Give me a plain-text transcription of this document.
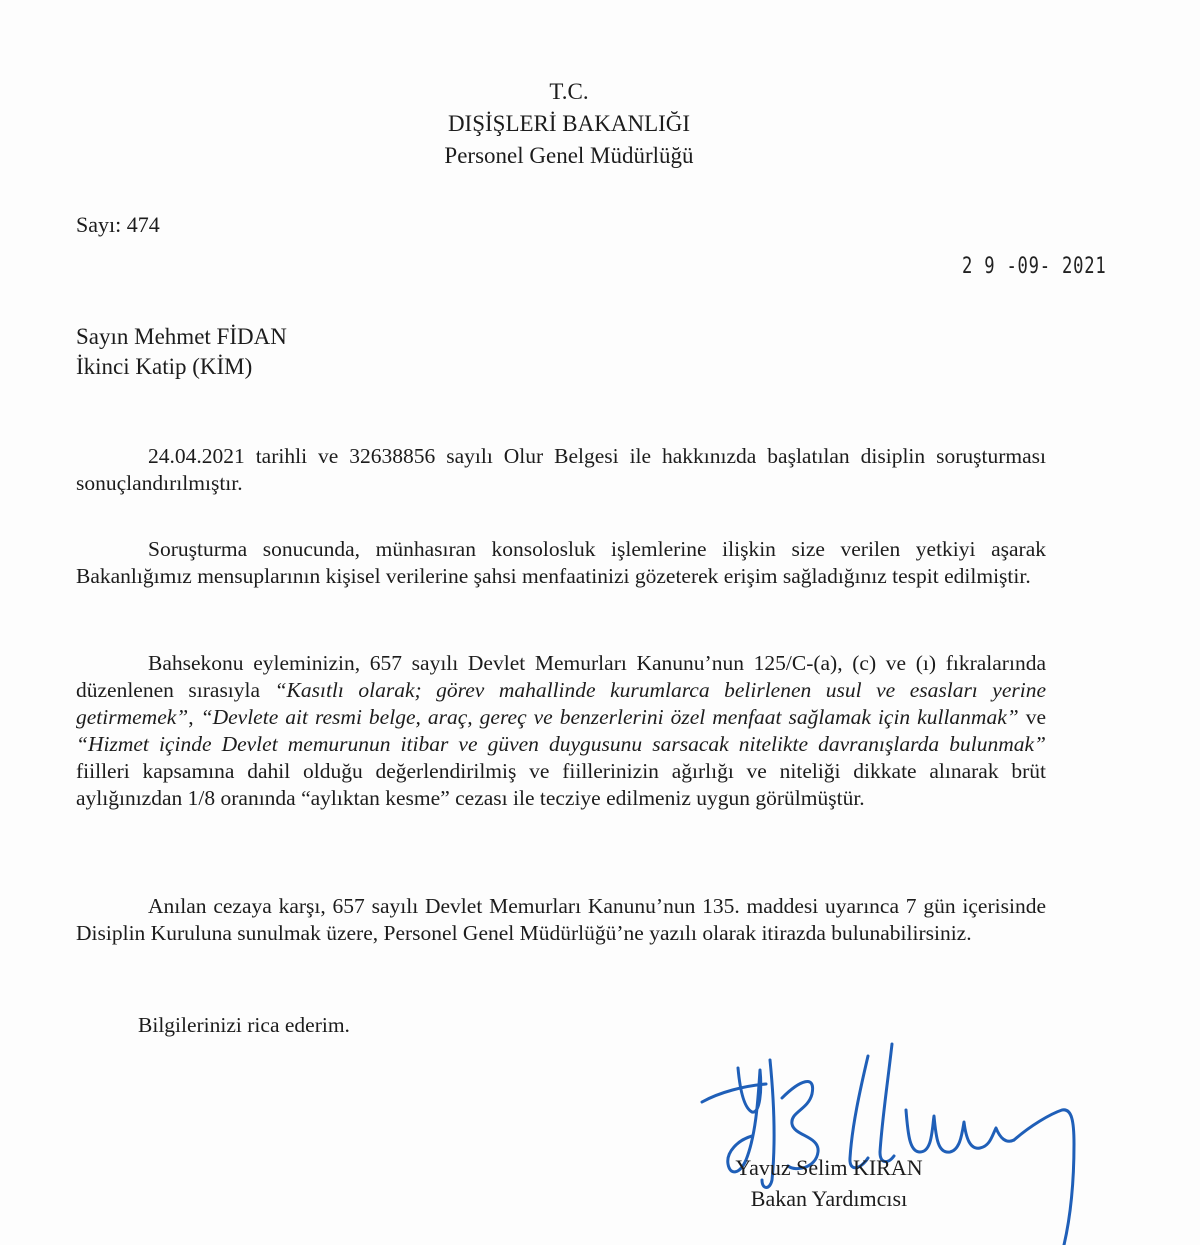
T.C.
DIŞİŞLERİ BAKANLIĞI
Personel Genel Müdürlüğü
Sayı: 474
2 9 -09- 2021
Sayın Mehmet FİDAN
İkinci Katip (KİM)

24.04.2021 tarihli ve 32638856 sayılı Olur Belgesi ile hakkınızda başlatılan disiplin soruşturması sonuçlandırılmıştır.

Soruşturma sonucunda, münhasıran konsolosluk işlemlerine ilişkin size verilen yetkiyi aşarak Bakanlığımız mensuplarının kişisel verilerine şahsi menfaatinizi gözeterek erişim sağladığınız tespit edilmiştir.

Bahsekonu eyleminizin, 657 sayılı Devlet Memurları Kanunu’nun 125/C-(a), (c) ve (ı) fıkralarında düzenlenen sırasıyla “Kasıtlı olarak; görev mahallinde kurumlarca belirlenen usul ve esasları yerine getirmemek”, “Devlete ait resmi belge, araç, gereç ve benzerlerini özel menfaat sağlamak için kullanmak” ve “Hizmet içinde Devlet memurunun itibar ve güven duygusunu sarsacak nitelikte davranışlarda bulunmak” fiilleri kapsamına dahil olduğu değerlendirilmiş ve fiillerinizin ağırlığı ve niteliği dikkate alınarak brüt aylığınızdan 1/8 oranında “aylıktan kesme” cezası ile tecziye edilmeniz uygun görülmüştür.

Anılan cezaya karşı, 657 sayılı Devlet Memurları Kanunu’nun 135. maddesi uyarınca 7 gün içerisinde Disiplin Kuruluna sunulmak üzere, Personel Genel Müdürlüğü’ne yazılı olarak itirazda bulunabilirsiniz.

Bilgilerinizi rica ederim.

Yavuz Selim KIRAN
Bakan Yardımcısı
